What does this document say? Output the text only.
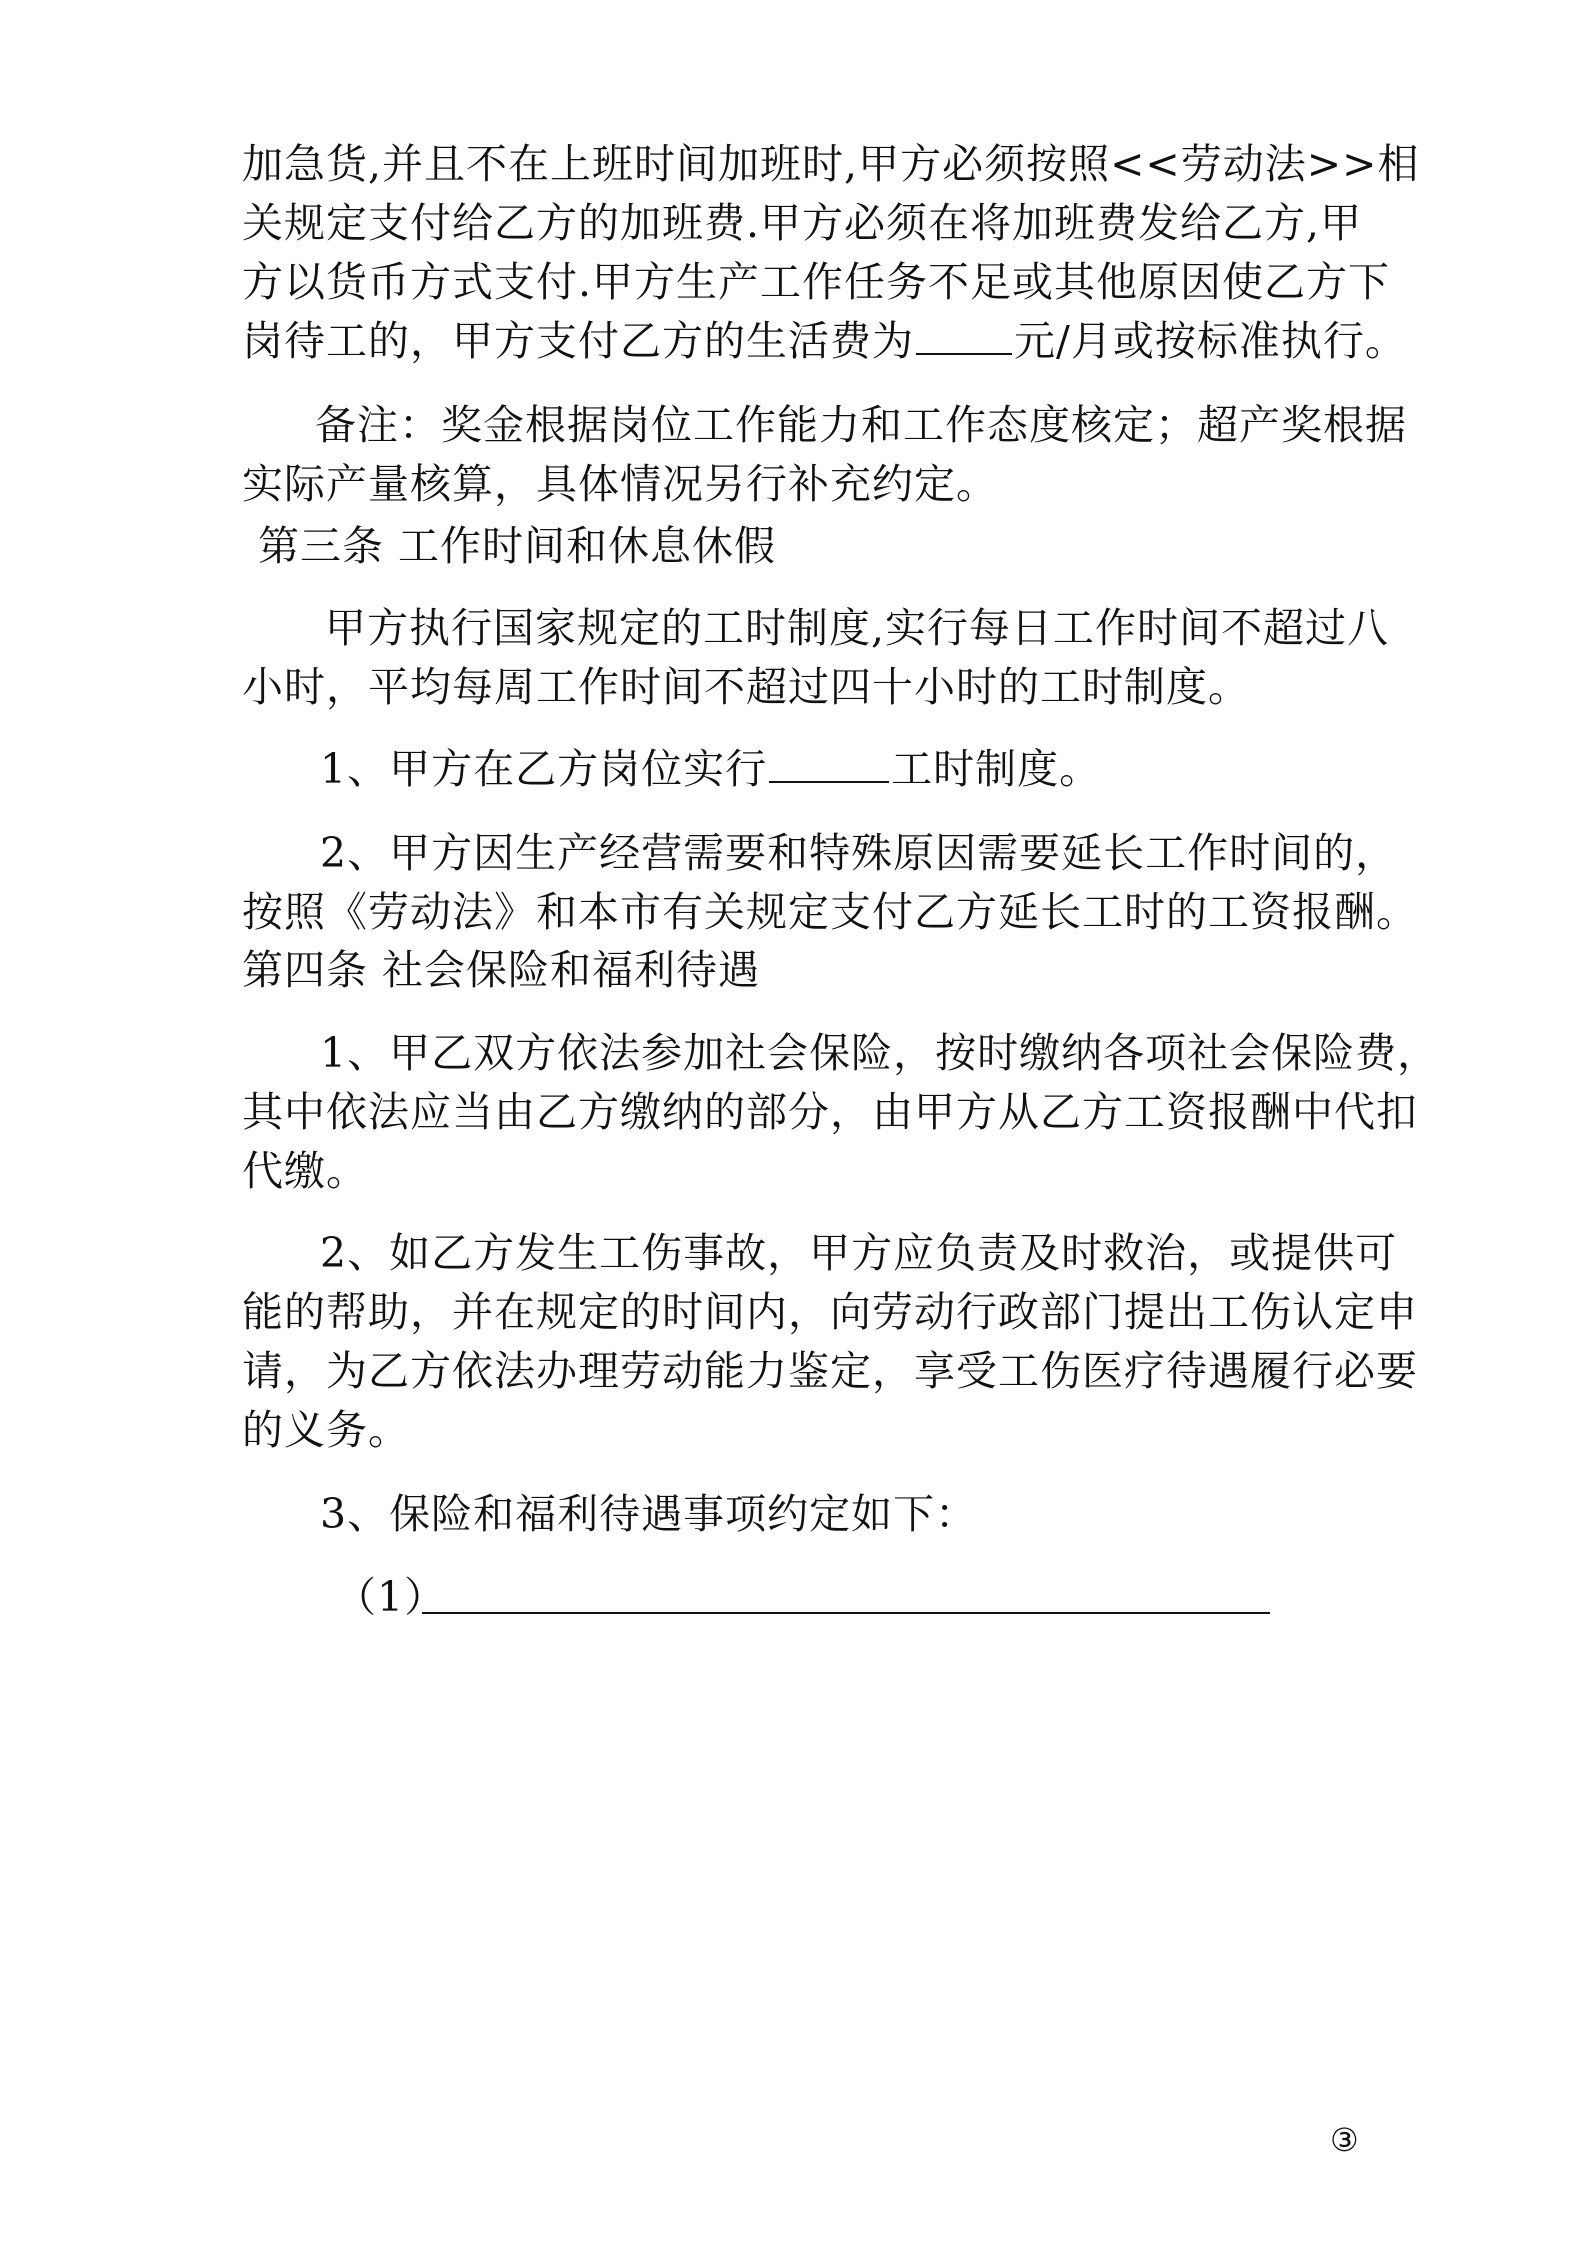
加急货,并且不在上班时间加班时,甲方必须按照<<劳动法>>相
关规定支付给乙方的加班费.甲方必须在将加班费发给乙方,甲
方以货币方式支付.甲方生产工作任务不足或其他原因使乙方下
岗待工的，甲方支付乙方的生活费为 元/月或按标准执行。
备注：奖金根据岗位工作能力和工作态度核定；超产奖根据
实际产量核算，具体情况另行补充约定。
第三条 工作时间和休息休假
甲方执行国家规定的工时制度,实行每日工作时间不超过八
小时，平均每周工作时间不超过四十小时的工时制度。
1、甲方在乙方岗位实行	工时制度。
2、甲方因生产经营需要和特殊原因需要延长工作时间的，
按照《劳动法》和本市有关规定支付乙方延长工时的工资报酬。
第四条 社会保险和福利待遇
1、甲乙双方依法参加社会保险，按时缴纳各项社会保险费，
其中依法应当由乙方缴纳的部分，由甲方从乙方工资报酬中代扣
代缴。
2、如乙方发生工伤事故，甲方应负责及时救治，或提供可
能的帮助，并在规定的时间内，向劳动行政部门提出工伤认定申
请，为乙方依法办理劳动能力鉴定，享受工伤医疗待遇履行必要
的义务。
3、保险和福利待遇事项约定如下：
（1）
③
